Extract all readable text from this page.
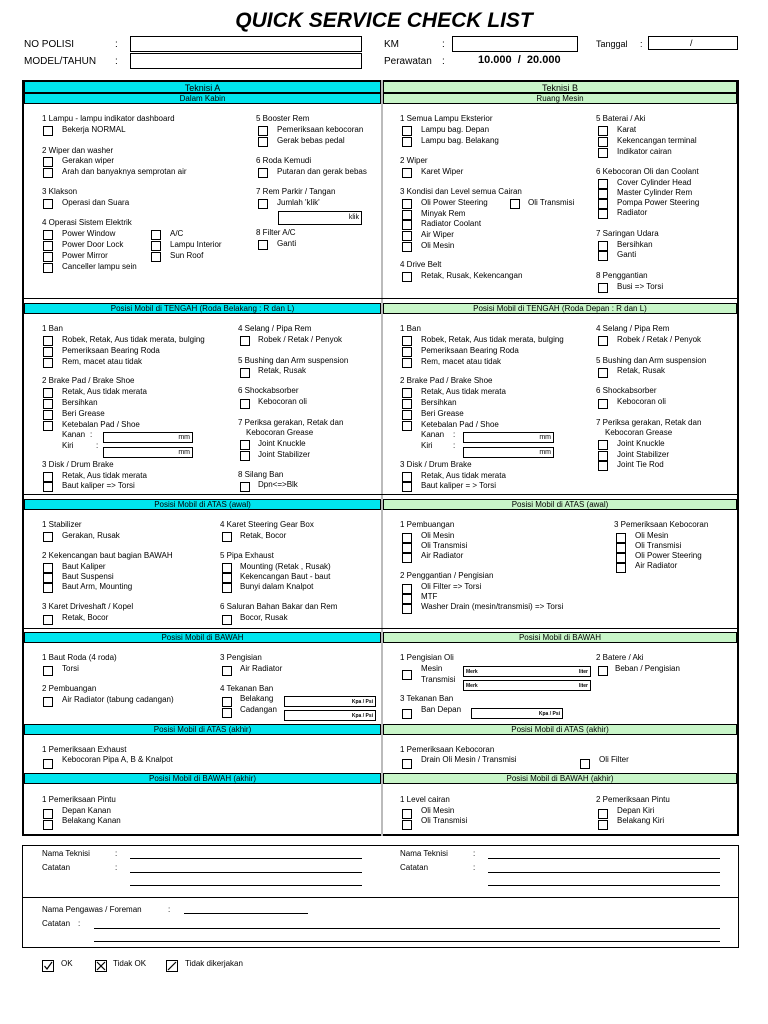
QUICK SERVICE CHECK LIST
NO POLISI	:
MODEL/TAHUN :
KM	:
Perawatan :	10.000  /  20.000
Tanggal :	/
Teknisi A	Teknisi B
Dalam Kabin	Ruang Mesin
1 Lampu - lampu indikator dashboard
Bekerja NORMAL
2 Wiper dan washer
Gerakan wiper
Arah dan banyaknya semprotan air
3 Klakson
Operasi dan Suara
4 Operasi Sistem Elektrik
Power Window
Power Door Lock
Power Mirror
Canceller lampu sein
A/C
Lampu Interior
Sun Roof
5 Booster Rem
Pemeriksaan kebocoran
Gerak bebas pedal
6 Roda Kemudi
Putaran dan gerak bebas
7 Rem Parkir / Tangan
Jumlah 'klik'
klik
8 Filter A/C
Ganti
1 Semua Lampu Eksterior
Lampu bag. Depan
Lampu bag. Belakang
2 Wiper
Karet Wiper
3 Kondisi dan Level semua Cairan
Oli Power Steering	Oli Transmisi
Minyak Rem
Radiator Coolant
Air Wiper
Oli Mesin
4 Drive Belt
Retak, Rusak, Kekencangan
5 Baterai / Aki
Karat
Kekencangan terminal
Indikator cairan
6 Kebocoran Oli dan Coolant
Cover Cylinder Head
Master Cylinder Rem
Pompa Power Steering
Radiator
7 Saringan Udara
Bersihkan
Ganti
8 Penggantian
Busi => Torsi
Posisi Mobil di TENGAH (Roda Belakang : R dan L)	Posisi Mobil di TENGAH (Roda Depan : R dan L)
1 Ban
Robek, Retak, Aus tidak merata, bulging
Pemeriksaan Bearing Roda
Rem, macet atau tidak
2 Brake Pad / Brake Shoe
Retak, Aus tidak merata
Bersihkan
Beri Grease
Ketebalan Pad / Shoe
Kanan :	mm
Kiri	:
mm
3 Disk / Drum Brake
Retak, Aus tidak merata
Baut kaliper => Torsi
4 Selang / Pipa Rem
Robek / Retak / Penyok
5 Bushing dan Arm suspension
Retak, Rusak
6 Shockabsorber
Kebocoran oli
7 Periksa gerakan, Retak dan
Kebocoran Grease
Joint Knuckle
Joint Stabilizer
8 Silang Ban
Dpn<=>Blk
1 Ban
Robek, Retak, Aus tidak merata, bulging
Pemeriksaan Bearing Roda
Rem, macet atau tidak
2 Brake Pad / Brake Shoe
Retak, Aus tidak merata
Bersihkan
Beri Grease
Ketebalan Pad / Shoe
Kanan :	mm
Kiri	:
mm
3 Disk / Drum Brake
Retak, Aus tidak merata
Baut kaliper = > Torsi
4 Selang / Pipa Rem
Robek / Retak / Penyok
5 Bushing dan Arm suspension
Retak, Rusak
6 Shockabsorber
Kebocoran oli
7 Periksa gerakan, Retak dan
Kebocoran Grease
Joint Knuckle
Joint Stabilizer
Joint Tie Rod
Posisi Mobil di ATAS (awal)	Posisi Mobil di ATAS (awal)
1 Stabilizer
Gerakan, Rusak
2 Kekencangan baut bagian BAWAH
Baut Kaliper
Baut Suspensi
Baut Arm, Mounting
3 Karet Driveshaft / Kopel
Retak, Bocor
4 Karet Steering Gear Box
Retak, Bocor
5 Pipa Exhaust
Mounting (Retak , Rusak)
Kekencangan Baut - baut
Bunyi dalam Knalpot
6 Saluran Bahan Bakar dan Rem
Bocor, Rusak
1 Pembuangan
Oli Mesin
Oli Transmisi
Air Radiator
2 Penggantian / Pengisian
Oli Filter => Torsi
MTF
Washer Drain (mesin/transmisi) => Torsi
3 Pemeriksaan Kebocoran
Oli Mesin
Oli Transmisi
Oli Power Steering
Air Radiator
Posisi Mobil di BAWAH	Posisi Mobil di BAWAH
1 Baut Roda (4 roda)
Torsi
2 Pembuangan
Air Radiator (tabung cadangan)
3 Pengisian
Air Radiator
4 Tekanan Ban
Belakang
Cadangan
Kpa / Psi
Kpa / Psi
1 Pengisian Oli
Mesin
Transmisi
Merk	liter
Merk	liter
3 Tekanan Ban
Ban Depan	Kpa / Psi
2 Batere / Aki
Beban / Pengisian
Posisi Mobil di ATAS (akhir)	Posisi Mobil di ATAS (akhir)
1 Pemeriksaan Exhaust
Kebocoran Pipa A, B & Knalpot
1 Pemeriksaan Kebocoran
Drain Oli Mesin / Transmisi	Oli Filter
Posisi Mobil di BAWAH (akhir)	Posisi Mobil di BAWAH (akhir)
1 Pemeriksaan Pintu
Depan Kanan
Belakang Kanan
1 Level cairan
Oli Mesin
Oli Transmisi
2 Pemeriksaan Pintu
Depan Kiri
Belakang Kiri
Nama Teknisi	:
Catatan	:
Nama Teknisi	:
Catatan	:
Nama Pengawas / Foreman	:
Catatan :
OK	Tidak OK	Tidak dikerjakan
